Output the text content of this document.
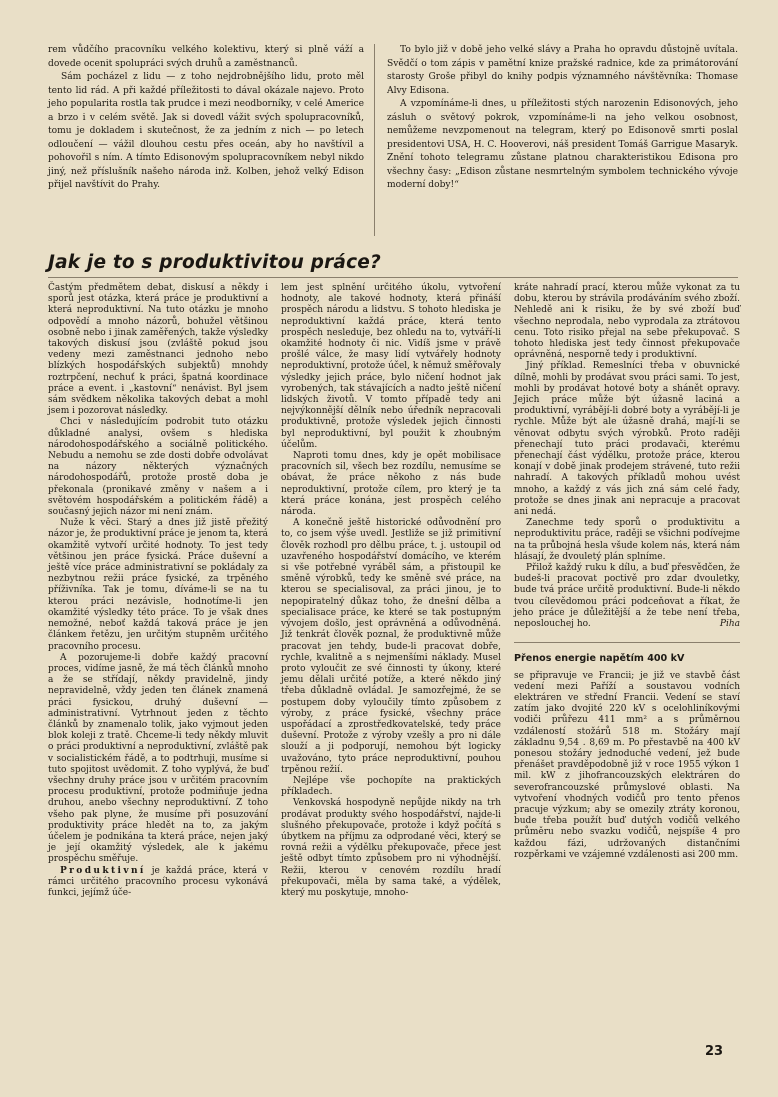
rem vůdčího pracovníku velkého kolektivu, který si plně váží a dovede ocenit spolupráci svých druhů a zaměstnanců.

Sám pocházel z lidu — z toho nejdrobnějšího lidu, proto měl tento lid rád. A při každé příležitosti to dával okázale najevo. Proto jeho popularita rostla tak prudce i mezi neodborníky, v celé Americe a brzo i v celém světě. Jak si dovedl vážit svých spolupracovníků, tomu je dokladem i skutečnost, že za jedním z nich — po letech odloučení — vážil dlouhou cestu přes oceán, aby ho navštívil a pohovořil s ním. A tímto Edisonovým spolupracovníkem nebyl nikdo jiný, než příslušník našeho národa inž. Kolben, jehož velký Edison přijel navštívit do Prahy.

To bylo již v době jeho velké slávy a Praha ho opravdu důstojně uvítala. Svědčí o tom zápis v pamětní knize pražské radnice, kde za primátorování starosty Groše přibyl do knihy podpis významného návštěvníka: Thomase Alvy Edisona.

A vzpomínáme-li dnes, u příležitosti stých narozenin Edisonových, jeho zásluh o světový pokrok, vzpomínáme-li na jeho velkou osobnost, nemůžeme nevzpomenout na telegram, který po Edisonově smrti poslal presidentovi USA, H. C. Hooverovi, náš president Tomáš Garrigue Masaryk. Znění tohoto telegramu zůstane platnou charakteristikou Edisona pro všechny časy: „Edison zůstane nesmrtelným symbolem technického vývoje moderní doby!“

Jak je to s produktivitou práce?

Častým předmětem debat, diskusí a někdy i sporů jest otázka, která práce je produktivní a která neproduktivní. Na tuto otázku je mnoho odpovědí a mnoho názorů, bohužel většinou osobně nebo i jinak zaměřených, takže výsledky takových diskusí jsou (zvláště pokud jsou vedeny mezi zaměstnanci jednoho nebo blízkých hospodářských subjektů) mnohdy roztrpčení, nechuť k práci, špatná koordinace práce a event. i „kastovní“ nenávist. Byl jsem sám svědkem několika takových debat a mohl jsem i pozorovat následky.

Chci v následujícím podrobit tuto otázku důkladné analysi, ovšem s hlediska národohospodářského a sociálně politického. Nebudu a nemohu se zde dosti dobře odvolávat na názory některých význačných národohospodářů, protože prostě doba je překonala (pronikavé změny v našem a i světovém hospodářském a politickém řádě) a současný jejich názor mi není znám.

Nuže k věci. Starý a dnes již jistě přežitý názor je, že produktivní práce je jenom ta, která okamžitě vytvoří určité hodnoty. To jest tedy většinou jen práce fysická. Práce duševní a ještě více práce administrativní se pokládaly za nezbytnou režii práce fysické, za trpěného příživníka. Tak je tomu, díváme-li se na tu kterou práci nezávisle, hodnotíme-li jen okamžité výsledky této práce. To je však dnes nemožné, neboť každá taková práce je jen článkem řetězu, jen určitým stupněm určitého pracovního procesu.

A pozorujeme-li dobře každý pracovní proces, vidíme jasně, že má těch článků mnoho a že se střídají, někdy pravidelně, jindy nepravidelně, vždy jeden ten článek znamená práci fysickou, druhý duševní — administrativní. Vytrhnout jeden z těchto článků by znamenalo tolik, jako vyjmout jeden blok koleji z tratě. Chceme-li tedy někdy mluvit o práci produktivní a neproduktivní, zvláště pak v socialistickém řádě, a to podtrhuji, musíme si tuto spojitost uvědomit. Z toho vyplývá, že buď všechny druhy práce jsou v určitém pracovním procesu produktivní, protože podmiňuje jedna druhou, anebo všechny neproduktivní. Z toho všeho pak plyne, že musíme při posuzování produktivity práce hledět na to, za jakým účelem je podnikána ta která práce, nejen jaký je její okamžitý výsledek, ale k jakému prospěchu směřuje.

Produktivní je každá práce, která v rámci určitého pracovního procesu vykonává funkci, jejímž úče-

lem jest splnění určitého úkolu, vytvoření hodnoty, ale takové hodnoty, která přináší prospěch národu a lidstvu. S tohoto hlediska je neproduktivní každá práce, která tento prospěch nesleduje, bez ohledu na to, vytváří-li okamžité hodnoty či nic. Vidíš jsme v právě prošlé válce, že masy lidí vytvářely hodnoty neproduktivní, protože účel, k němuž směřovaly výsledky jejich práce, bylo ničení hodnot jak vyrobených, tak stávajících a nadto ještě ničení lidských životů. V tomto případě tedy ani nejvýkonnější dělník nebo úředník nepracovali produktivně, protože výsledek jejich činnosti byl neproduktivní, byl použit k zhoubným účelům.

Naproti tomu dnes, kdy je opět mobilisace pracovních sil, všech bez rozdílu, nemusíme se obávat, že práce někoho z nás bude neproduktivní, protože cílem, pro který je ta která práce konána, jest prospěch celého národa.

A konečně ještě historické odůvodnění pro to, co jsem výše uvedl. Jestliže se již primitivní člověk rozhodl pro dělbu práce, t. j. ustoupil od uzavřeného hospodářství domácího, ve kterém si vše potřebné vyráběl sám, a přistoupil ke směně výrobků, tedy ke směně své práce, na kterou se specialisoval, za práci jinou, je to nepopiratelný důkaz toho, že dnešní dělba a specialisace práce, ke které se tak postupným vývojem došlo, jest oprávněná a odůvodněná. Již tenkrát člověk poznal, že produktivně může pracovat jen tehdy, bude-li pracovat dobře, rychle, kvalitně a s nejmenšími náklady. Musel proto vyloučit ze své činnosti ty úkony, které jemu dělali určité potíže, a které někdo jiný třeba důkladně ovládal. Je samozřejmé, že se postupem doby vyloučily tímto způsobem z výroby, z práce fysické, všechny práce uspořádací a zprostředkovatelské, tedy práce duševní. Protože z výroby vzešly a pro ni dále slouží a ji podporují, nemohou být logicky uvažováno, tyto práce neproduktivní, pouhou trpěnou režií.

Nejlépe vše pochopíte na praktických příkladech.

Venkovská hospodyně nepůjde nikdy na trh prodávat produkty svého hospodářství, najde-li slušného překupovače, protože i když počítá s úbytkem na příjmu za odprodané věci, který se rovná režii a výdělku překupovače, přece jest ještě odbyt tímto způsobem pro ni výhodnější. Režii, kterou v cenovém rozdílu hradí překupovači, měla by sama také, a výdělek, který mu poskytuje, mnoho-

kráte nahradí prací, kterou může vykonat za tu dobu, kterou by strávila prodáváním svého zboží. Nehledě ani k risiku, že by své zboží buď všechno neprodala, nebo vyprodala za ztrátovou cenu. Toto risiko přejal na sebe překupovač. S tohoto hlediska jest tedy činnost překupovače oprávněná, nesporně tedy i produktivní.

Jiný příklad. Remeslníci třeba v obuvnické dílně, mohli by prodávat svou práci sami. To jest, mohli by prodávat hotové boty a shánět opravy. Jejich práce může být úžasně laciná a produktivní, vyrábějí-li dobré boty a vyrábějí-li je rychle. Může být ale úžasně drahá, mají-li se věnovat odbytu svých výrobků. Proto raději přenechají tuto práci prodavači, kterému přenechají část výdělku, protože práce, kterou konají v době jinak prodejem strávené, tuto režii nahradí. A takových příkladů mohou uvést mnoho, a každý z vás jich zná sám celé řady, protože se dnes jinak ani nepracuje a pracovat ani nedá.

Zanechme tedy sporů o produktivitu a neproduktivitu práce, raději se všichni podívejme na ta průbojná hesla všude kolem nás, která nám hlásají, že dvouletý plán splníme.

Přilož každý ruku k dílu, a buď přesvědčen, že budeš-li pracovat poctivě pro zdar dvouletky, bude tvá práce určitě produktivní. Bude-li někdo tvou cílevědomou práci podceňovat a říkat, že jeho práce je důležitější a že tebe není třeba, neposlouchej ho.	Piha

Přenos energie napětím 400 kV

se připravuje ve Francii; je již ve stavbě část vedení mezi Paříží a soustavou vodních elektráren ve střední Francii. Vedení se staví zatím jako dvojité 220 kV s ocelohliníkovými vodiči průřezu 411 mm² a s průměrnou vzdáleností stožárů 518 m. Stožáry mají základnu 9,54 . 8,69 m. Po přestavbě na 400 kV ponesou stožáry jednoduché vedení, jež bude přenášet pravděpodobně již v roce 1955 výkon 1 mil. kW z jihofrancouzských elektráren do severofrancouzské průmyslové oblasti. Na vytvoření vhodných vodičů pro tento přenos pracuje výzkum; aby se omezily ztráty koronou, bude třeba použít buď dutých vodičů velkého průměru nebo svazku vodičů, nejspíše 4 pro každou fázi, udržovaných distančními rozpěrkami ve vzájemné vzdálenosti asi 200 mm.

23
